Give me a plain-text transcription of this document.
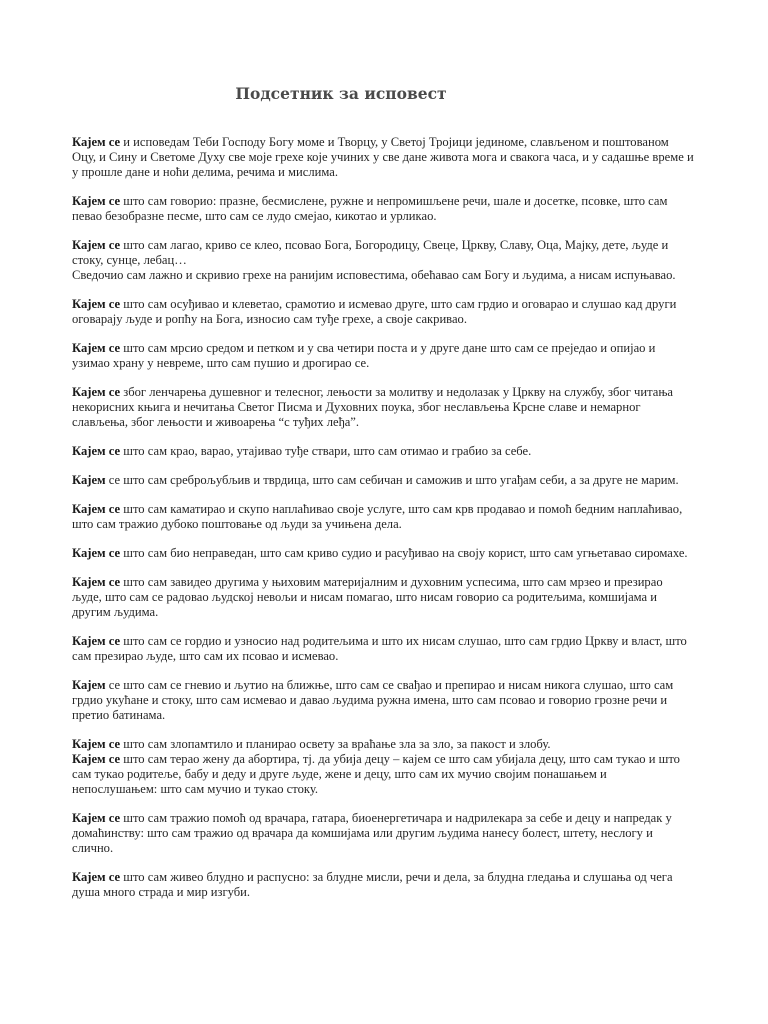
Подсетник за исповест

Кајем се и исповедам Теби Господу Богу моме и Творцу, у Светој Тројици јединоме, слављеном и поштованом Оцу, и Сину и Светоме Духу све моје грехе које учиних у све дане живота мога и свакога часа, и у садашње време и у прошле дане и ноћи делима, речима и мислима.

Кајем се што сам говорио: празне, бесмислене, ружне и непромишљене речи, шале и досетке, псовке, што сам певао безобразне песме, што сам се лудо смејао, кикотао и урликао.

Кајем се што сам лагао, криво се клео, псовао Бога, Богородицу, Свеце, Цркву, Славу, Оца, Мајку, дете, људе и стоку, сунце, лебац…

Сведочио сам лажно и скривио грехе на ранијим исповестима, обећавао сам Богу и људима, а нисам испуњавао.

Кајем се што сам осуђивао и клеветао, срамотио и исмевао друге, што сам грдио и оговарао и слушао кад други оговарају људе и ропћу на Бога, износио сам туђе грехе, а своје сакривао.

Кајем се што сам мрсио средом и петком и у сва четири поста и у друге дане што сам се преједао и опијао и узимао храну у невреме, што сам пушио и дрогирао се.

Кајем се због ленчарења душевног и телесног, лењости за молитву и недолазак у Цркву на службу, због читања некорисних књига и нечитања Светог Писма и Духовних поука, због неслављења Крсне славе и немарног слављења, због лењости и живоарења “с туђих леђа”.

Кајем се што сам крао, варао, утајивао туђе ствари, што сам отимао и грабио за себе.

Кајем се што сам среброљубљив и тврдица, што сам себичан и саможив и што угађам себи, а за друге не марим.

Кајем се што сам каматирао и скупо наплаћивао своје услуге, што сам крв продавао и помоћ бедним наплаћивао, што сам тражио дубоко поштовање од људи за учињена дела.

Кајем се што сам био неправедан, што сам криво судио и расуђивао на своју корист, што сам угњетавао сиромахе.

Кајем се што сам завидео другима у њиховим материјалним и духовним успесима, што сам мрзео и презирао људе, што сам се радовао људској невољи и нисам помагао, што нисам говорио са родитељима, комшијама и другим људима.

Кајем се што сам се гордио и узносио над родитељима и што их нисам слушао, што сам грдио Цркву и власт, што сам презирао људе, што сам их псовао и исмевао.

Кајем се што сам се гневио и љутио на ближње, што сам се свађао и препирао и нисам никога слушао, што сам грдио укућане и стоку, што сам исмевао и давао људима ружна имена, што сам псовао и говорио грозне речи и претио батинама.

Кајем се што сам злопамтило и планирао освету за враћање зла за зло, за пакост и злобу.

Кајем се што сам терао жену да абортира, тј. да убија децу – кајем се што сам убијала децу, што сам тукао и што сам тукао родитеље, бабу и деду и друге људе, жене и децу, што сам их мучио својим понашањем и непослушањем: што сам мучио и тукао стоку.

Кајем се што сам тражио помоћ од врачара, гатара, биоенергетичара и надрилекара за себе и децу и напредак у домаћинству: што сам тражио од врачара да комшијама или другим људима нанесу болест, штету, неслогу и слично.

Кајем се што сам живео блудно и распусно: за блудне мисли, речи и дела, за блудна гледања и слушања од чега душа много страда и мир изгуби.
